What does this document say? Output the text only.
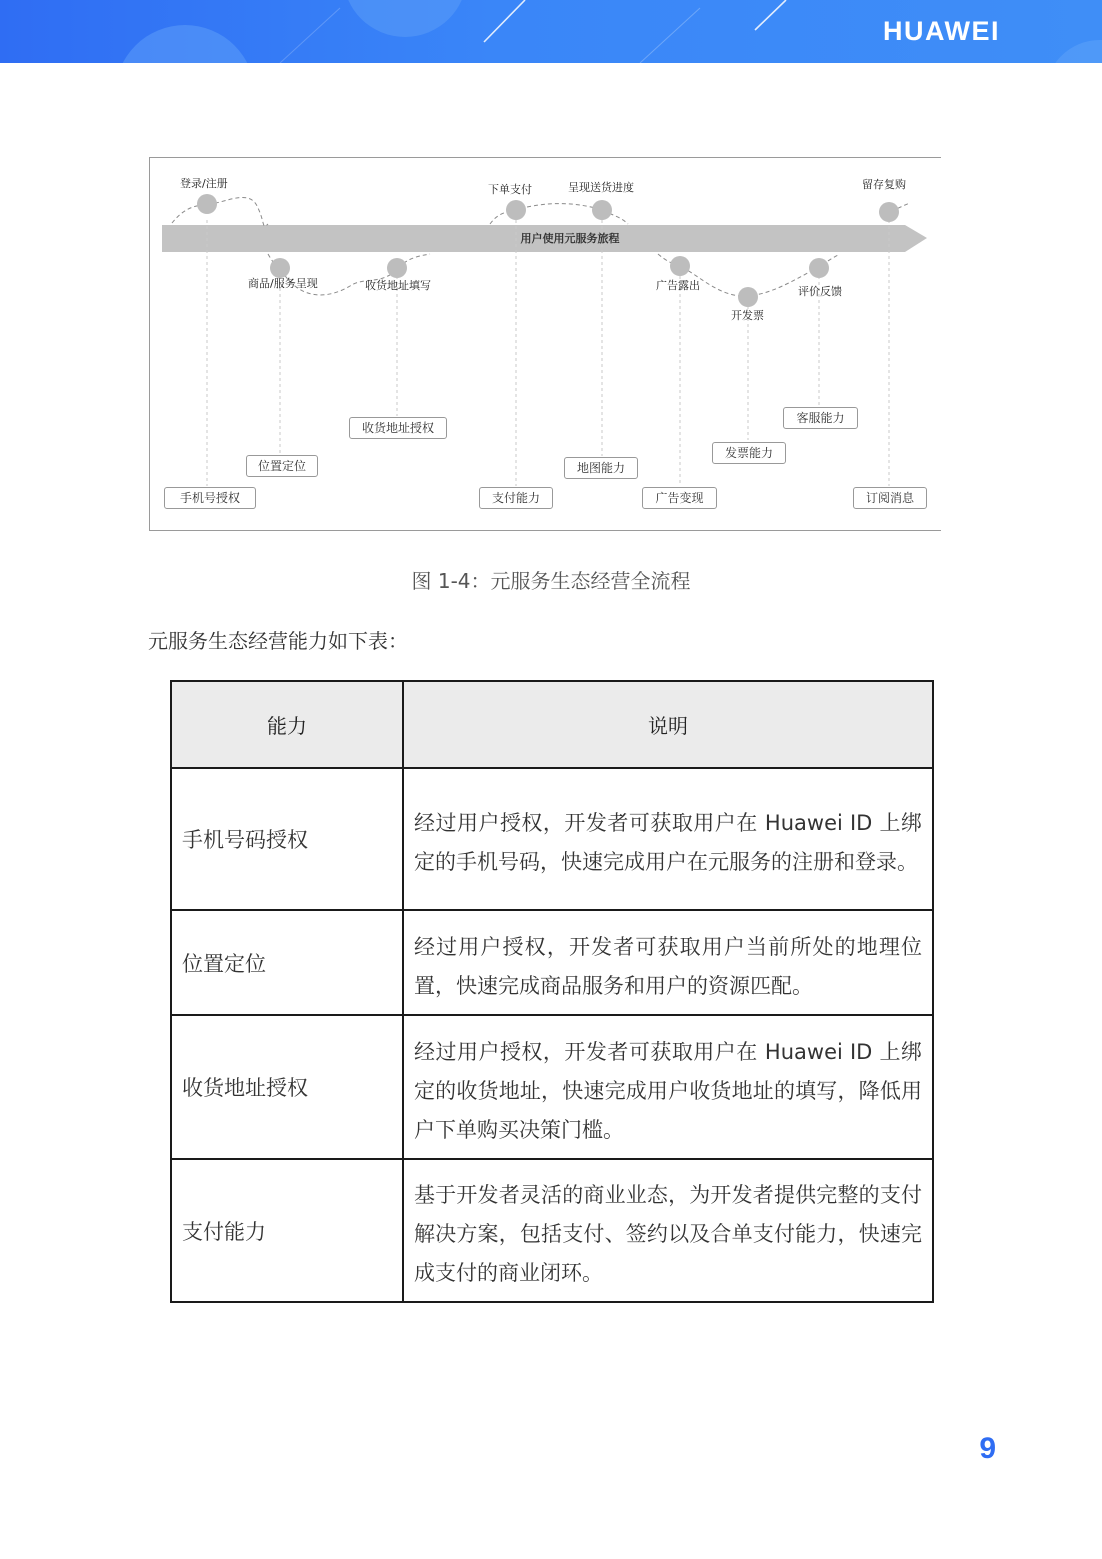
HUAWEI
用户使用元服务旅程
登录/注册
商品/服务呈现	收货地址填写
下单支付	呈现送货进度
广告露出
开发票
评价反馈
留存复购
手机号授权
位置定位
收货地址授权
支付能力
地图能力
广告变现
发票能力
客服能力
订阅消息
图 1-4：元服务生态经营全流程
元服务生态经营能力如下表：
能力	说明
手机号码授权	经过用户授权，开发者可获取用户在 Huawei ID 上绑定的手机号码，快速完成用户在元服务的注册和登录。
位置定位	经过用户授权，开发者可获取用户当前所处的地理位置，快速完成商品服务和用户的资源匹配。
收货地址授权	经过用户授权，开发者可获取用户在 Huawei ID 上绑定的收货地址，快速完成用户收货地址的填写，降低用户下单购买决策门槛。
支付能力	基于开发者灵活的商业业态，为开发者提供完整的支付解决方案，包括支付、签约以及合单支付能力，快速完成支付的商业闭环。
9
